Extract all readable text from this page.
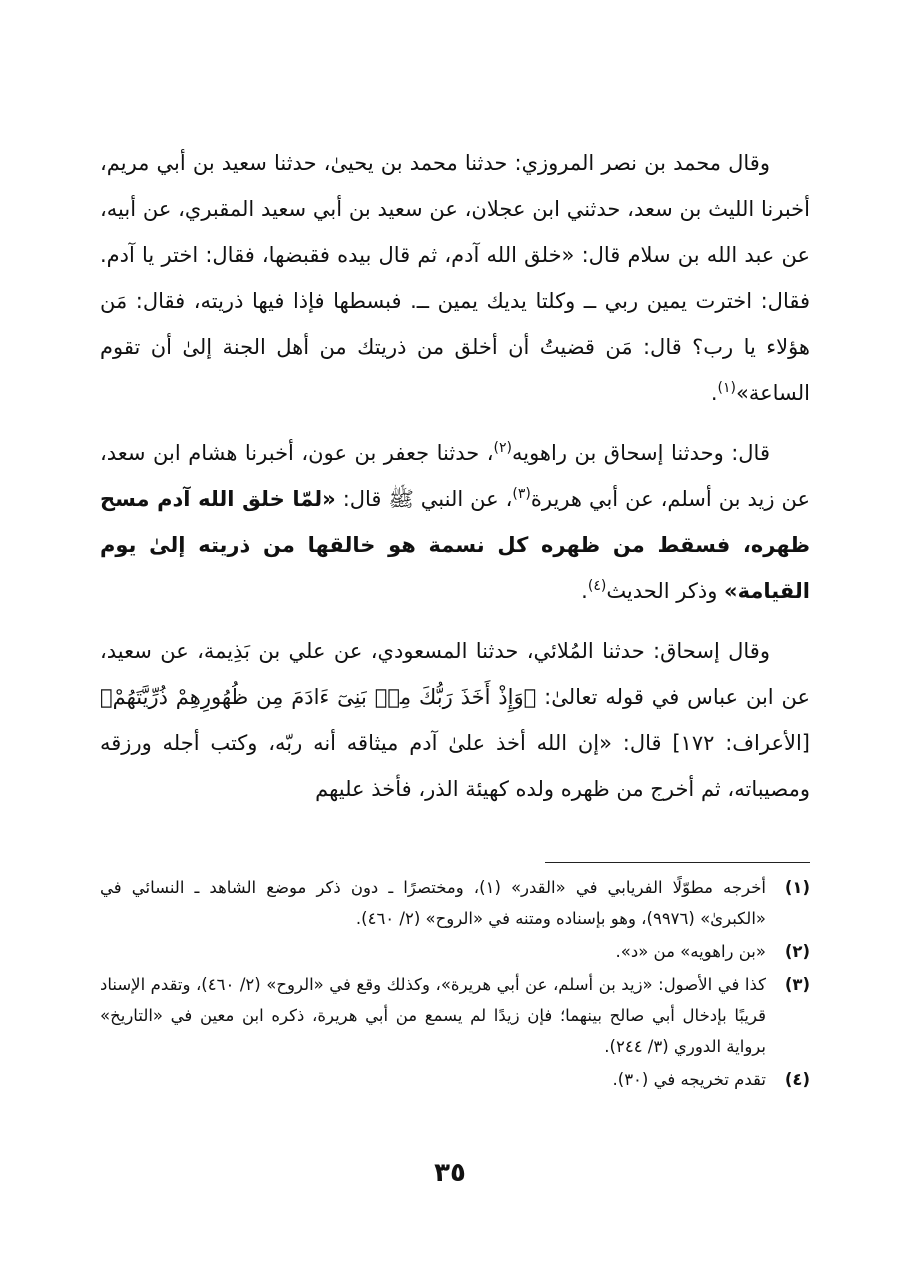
وقال محمد بن نصر المروزي: حدثنا محمد بن يحيىٰ، حدثنا سعيد بن أبي مريم، أخبرنا الليث بن سعد، حدثني ابن عجلان، عن سعيد بن أبي سعيد المقبري، عن أبيه، عن عبد الله بن سلام قال: «خلق الله آدم، ثم قال بيده فقبضها، فقال: اختر يا آدم. فقال: اخترت يمين ربي ــ وكلتا يديك يمين ــ. فبسطها فإذا فيها ذريته، فقال: مَن هؤلاء يا رب؟ قال: مَن قضيتُ أن أخلق من ذريتك من أهل الجنة إلىٰ أن تقوم الساعة»$^{(١)}$.

قال: وحدثنا إسحاق بن راهويه$^{(٢)}$، حدثنا جعفر بن عون، أخبرنا هشام ابن سعد، عن زيد بن أسلم، عن أبي هريرة$^{(٣)}$، عن النبي ﷺ قال: «لمّا خلق الله آدم مسح ظهره، فسقط من ظهره كل نسمة هو خالقها من ذريته إلىٰ يوم القيامة» وذكر الحديث$^{(٤)}$.

وقال إسحاق: حدثنا المُلائي، حدثنا المسعودي، عن علي بن بَذِيمة، عن سعيد، عن ابن عباس في قوله تعالىٰ: ﴿وَإِذْ أَخَذَ رَبُّكَ مِنۢ بَنِىٓ ءَادَمَ مِن ظُهُورِهِمْ ذُرِّيَّتَهُمْ﴾ [الأعراف: ١٧٢] قال: «إن الله أخذ علىٰ آدم ميثاقه أنه ربّه، وكتب أجله ورزقه ومصيباته، ثم أخرج من ظهره ولده كهيئة الذر، فأخذ عليهم

(١)
أخرجه مطوّلًا الفريابي في «القدر» (١)، ومختصرًا ـ دون ذكر موضع الشاهد ـ النسائي في «الكبرىٰ» (٩٩٧٦)، وهو بإسناده ومتنه في «الروح» (٢/ ٤٦٠).
(٢)
«بن راهويه» من «د».
(٣)
كذا في الأصول: «زيد بن أسلم، عن أبي هريرة»، وكذلك وقع في «الروح» (٢/ ٤٦٠)، وتقدم الإسناد قريبًا بإدخال أبي صالح بينهما؛ فإن زيدًا لم يسمع من أبي هريرة، ذكره ابن معين في «التاريخ» برواية الدوري (٣/ ٢٤٤).
(٤)
تقدم تخريجه في (٣٠).
٣٥
